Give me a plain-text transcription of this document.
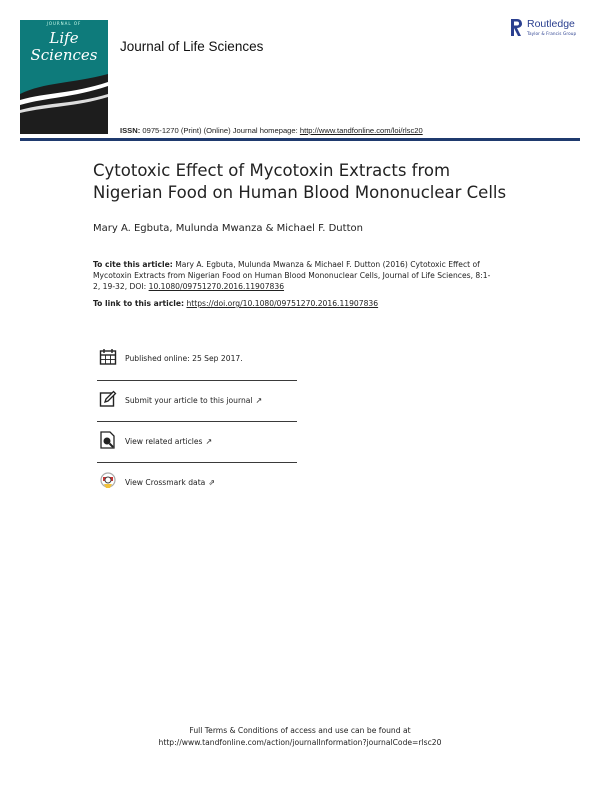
JOURNAL OF
Life
Sciences	Journal of Life Sciences
Routledge
Taylor & Francis Group
ISSN: 0975-1270 (Print) (Online) Journal homepage: http://www.tandfonline.com/loi/rlsc20
Cytotoxic Effect of Mycotoxin Extracts from Nigerian Food on Human Blood Mononuclear Cells
Mary A. Egbuta, Mulunda Mwanza & Michael F. Dutton
To cite this article: Mary A. Egbuta, Mulunda Mwanza & Michael F. Dutton (2016) Cytotoxic Effect of Mycotoxin Extracts from Nigerian Food on Human Blood Mononuclear Cells, Journal of Life Sciences, 8:1-2, 19-32, DOI: 10.1080/09751270.2016.11907836
To link to this article: https://doi.org/10.1080/09751270.2016.11907836
Published online: 25 Sep 2017.
Submit your article to this journal ↗
View related articles ↗
View Crossmark data ⇗
Full Terms & Conditions of access and use can be found at
http://www.tandfonline.com/action/journalInformation?journalCode=rlsc20
